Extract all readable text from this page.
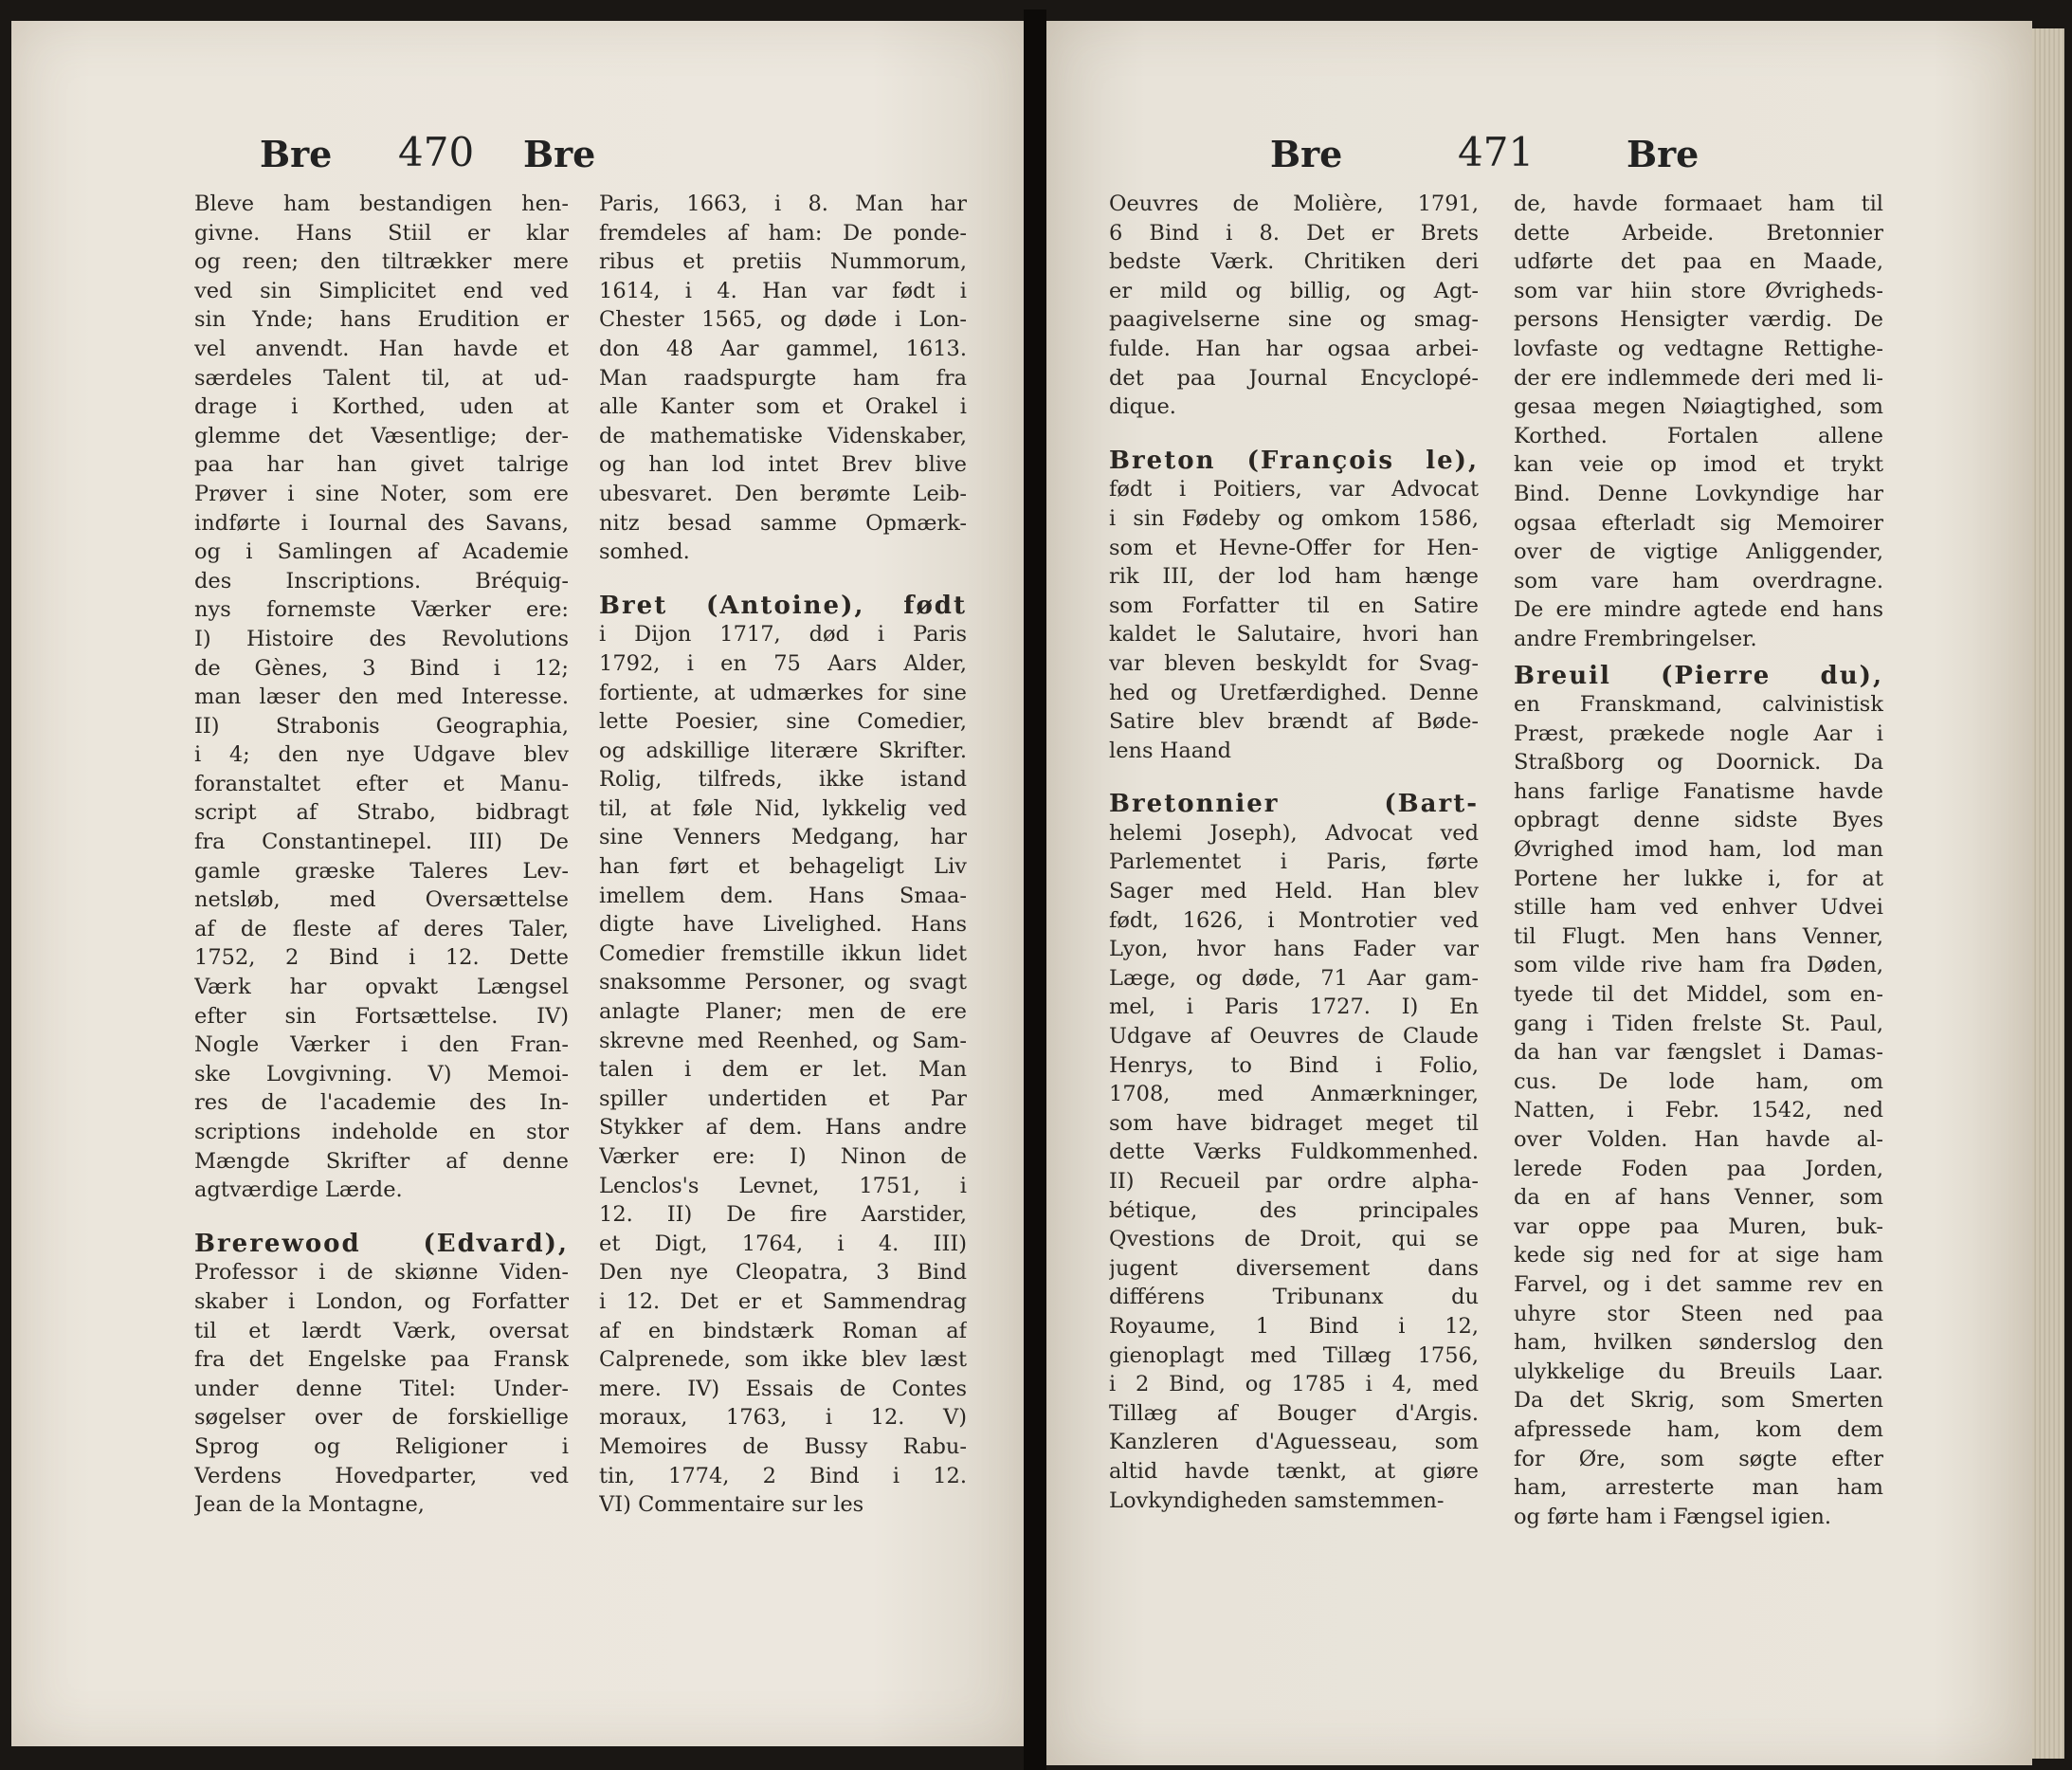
Bre 470 Bre	Bre	471	Bre
Bleve ham bestandigen hen-
givne. Hans Stiil er klar
og reen; den tiltrækker mere
ved sin Simplicitet end ved
sin Ynde; hans Erudition er
vel anvendt. Han havde et
særdeles Talent til, at ud-
drage i Korthed, uden at
glemme det Væsentlige; der-
paa har han givet talrige
Prøver i sine Noter, som ere
indførte i Iournal des Savans,
og i Samlingen af Academie
des Inscriptions. Bréquig-
nys fornemste Værker ere:
I) Histoire des Revolutions
de Gènes, 3 Bind i 12;
man læser den med Interesse.
II) Strabonis Geographia,
i 4; den nye Udgave blev
foranstaltet efter et Manu-
script af Strabo, bidbragt
fra Constantinepel. III) De
gamle græske Taleres Lev-
netsløb, med Oversættelse
af de fleste af deres Taler,
1752, 2 Bind i 12. Dette
Værk har opvakt Længsel
efter sin Fortsættelse. IV)
Nogle Værker i den Fran-
ske Lovgivning. V) Memoi-
res de l'academie des In-
scriptions indeholde en stor
Mængde Skrifter af denne
agtværdige Lærde.
Brerewood (Edvard),
Professor i de skiønne Viden-
skaber i London, og Forfatter
til et lærdt Værk, oversat
fra det Engelske paa Fransk
under denne Titel: Under-
søgelser over de forskiellige
Sprog og Religioner i
Verdens Hovedparter, ved
Jean de la Montagne,
Paris, 1663, i 8. Man har
fremdeles af ham: De ponde-
ribus et pretiis Nummorum,
1614, i 4. Han var født i
Chester 1565, og døde i Lon-
don 48 Aar gammel, 1613.
Man raadspurgte ham fra
alle Kanter som et Orakel i
de mathematiske Videnskaber,
og han lod intet Brev blive
ubesvaret. Den berømte Leib-
nitz besad samme Opmærk-
somhed.
Bret (Antoine), født
i Dijon 1717, død i Paris
1792, i en 75 Aars Alder,
fortiente, at udmærkes for sine
lette Poesier, sine Comedier,
og adskillige literære Skrifter.
Rolig, tilfreds, ikke istand
til, at føle Nid, lykkelig ved
sine Venners Medgang, har
han ført et behageligt Liv
imellem dem. Hans Smaa-
digte have Livelighed. Hans
Comedier fremstille ikkun lidet
snaksomme Personer, og svagt
anlagte Planer; men de ere
skrevne med Reenhed, og Sam-
talen i dem er let. Man
spiller undertiden et Par
Stykker af dem. Hans andre
Værker ere: I) Ninon de
Lenclos's Levnet, 1751, i
12. II) De fire Aarstider,
et Digt, 1764, i 4. III)
Den nye Cleopatra, 3 Bind
i 12. Det er et Sammendrag
af en bindstærk Roman af
Calprenede, som ikke blev læst
mere. IV) Essais de Contes
moraux, 1763, i 12. V)
Memoires de Bussy Rabu-
tin, 1774, 2 Bind i 12.
VI) Commentaire sur les
Oeuvres de Molière, 1791,
6 Bind i 8. Det er Brets
bedste Værk. Chritiken deri
er mild og billig, og Agt-
paagivelserne sine og smag-
fulde. Han har ogsaa arbei-
det paa Journal Encyclopé-
dique.
Breton (François le),
født i Poitiers, var Advocat
i sin Fødeby og omkom 1586,
som et Hevne-Offer for Hen-
rik III, der lod ham hænge
som Forfatter til en Satire
kaldet le Salutaire, hvori han
var bleven beskyldt for Svag-
hed og Uretfærdighed. Denne
Satire blev brændt af Bøde-
lens Haand
Bretonnier (Bart-
helemi Joseph), Advocat ved
Parlementet i Paris, førte
Sager med Held. Han blev
født, 1626, i Montrotier ved
Lyon, hvor hans Fader var
Læge, og døde, 71 Aar gam-
mel, i Paris 1727. I) En
Udgave af Oeuvres de Claude
Henrys, to Bind i Folio,
1708, med Anmærkninger,
som have bidraget meget til
dette Værks Fuldkommenhed.
II) Recueil par ordre alpha-
bétique, des principales
Qvestions de Droit, qui se
jugent diversement dans
différens Tribunanx du
Royaume, 1 Bind i 12,
gienoplagt med Tillæg 1756,
i 2 Bind, og 1785 i 4, med
Tillæg af Bouger d'Argis.
Kanzleren d'Aguesseau, som
altid havde tænkt, at giøre
Lovkyndigheden samstemmen-
de, havde formaaet ham til
dette Arbeide. Bretonnier
udførte det paa en Maade,
som var hiin store Øvrigheds-
persons Hensigter værdig. De
lovfaste og vedtagne Rettighe-
der ere indlemmede deri med li-
gesaa megen Nøiagtighed, som
Korthed. Fortalen allene
kan veie op imod et trykt
Bind. Denne Lovkyndige har
ogsaa efterladt sig Memoirer
over de vigtige Anliggender,
som vare ham overdragne.
De ere mindre agtede end hans
andre Frembringelser.
Breuil (Pierre du),
en Franskmand, calvinistisk
Præst, prækede nogle Aar i
Straßborg og Doornick. Da
hans farlige Fanatisme havde
opbragt denne sidste Byes
Øvrighed imod ham, lod man
Portene her lukke i, for at
stille ham ved enhver Udvei
til Flugt. Men hans Venner,
som vilde rive ham fra Døden,
tyede til det Middel, som en-
gang i Tiden frelste St. Paul,
da han var fængslet i Damas-
cus. De lode ham, om
Natten, i Febr. 1542, ned
over Volden. Han havde al-
lerede Foden paa Jorden,
da en af hans Venner, som
var oppe paa Muren, buk-
kede sig ned for at sige ham
Farvel, og i det samme rev en
uhyre stor Steen ned paa
ham, hvilken sønderslog den
ulykkelige du Breuils Laar.
Da det Skrig, som Smerten
afpressede ham, kom dem
for Øre, som søgte efter
ham, arresterte man ham
og førte ham i Fængsel igien.
